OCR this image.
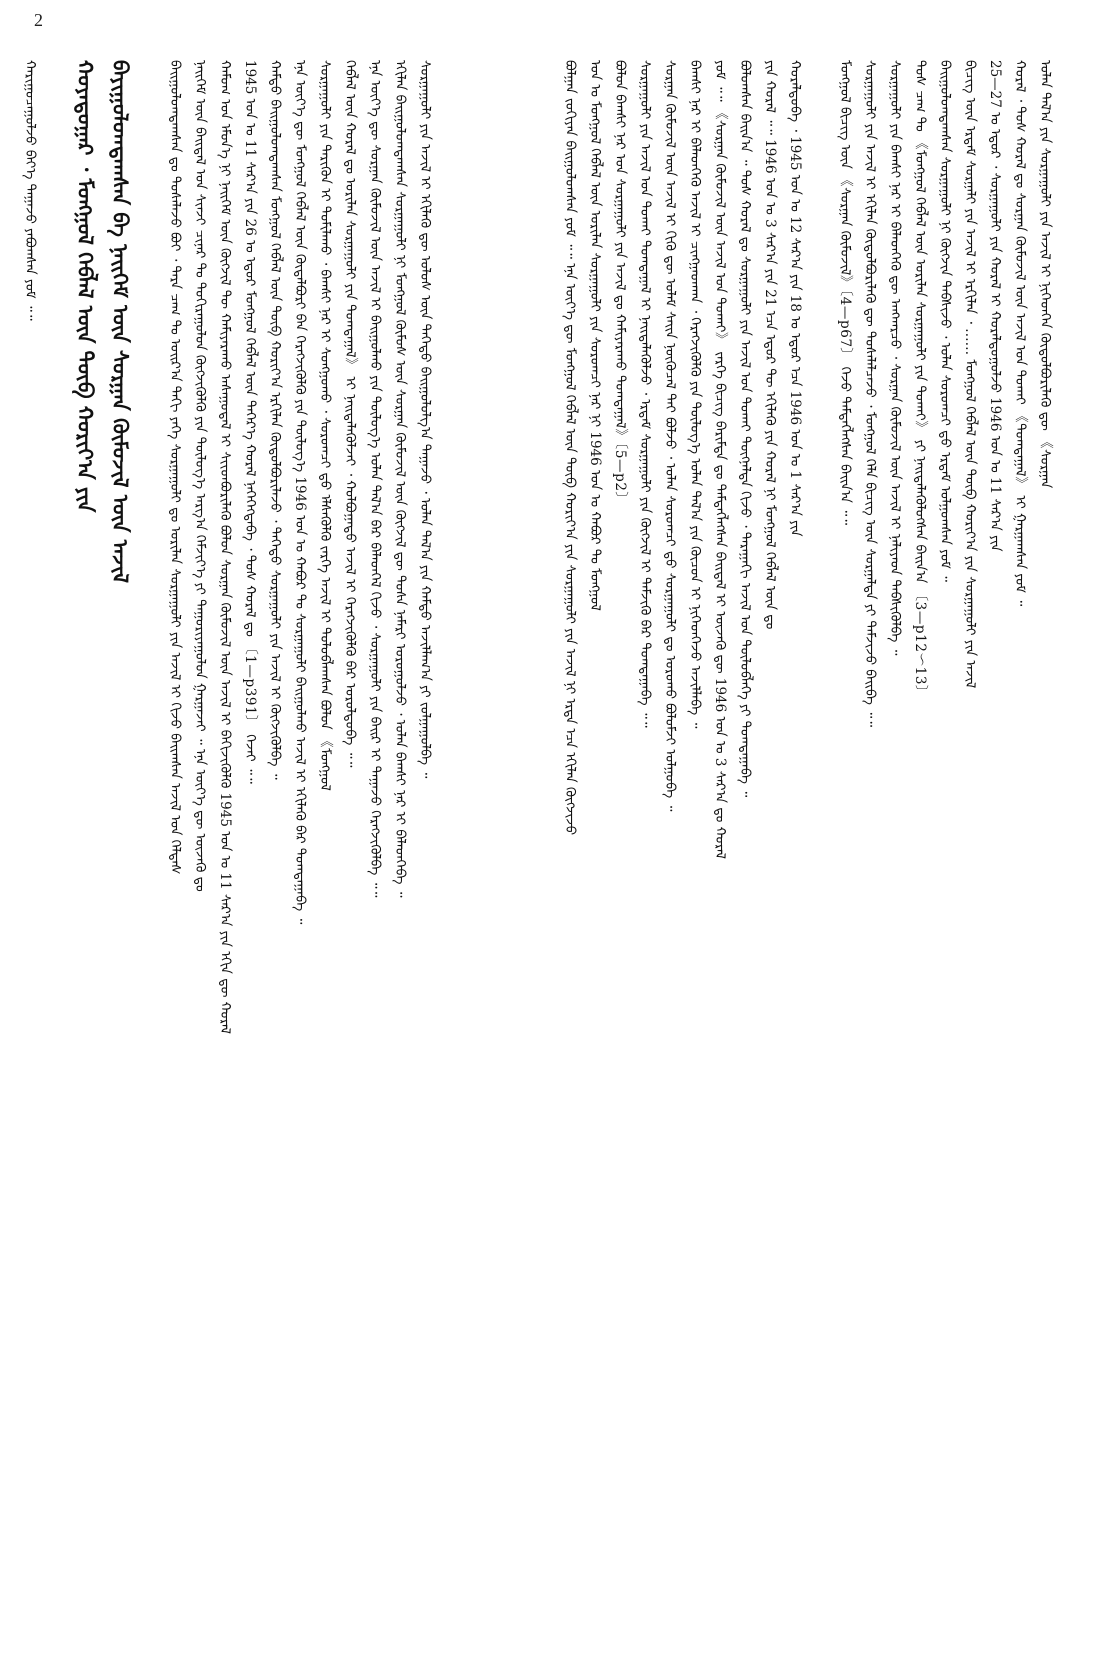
2
ᠬᠠᠷᠢᠭᠤᠴᠠᠭᠤᠯᠵᠤ ᠪᠡᠶ᠎ᠡ ᠳᠠᠭᠠᠵᠤ ᠶᠠᠪᠤᠭᠰᠠᠨ ᠶᠤᠮ ᠃᠃ ᠬᠣᠶᠠᠳᠤᠭᠠᠷ ᠂ ᠮᠣᠩᠭᠣᠯ ᠬᠡᠪᠯᠡᠯ ᠦᠨ ᠲᠥᠪ ᠬᠣᠷᠢᠶ᠎ᠠ ᠶᠢᠨ ᠪᠠᠶᠢᠭᠤᠯᠤᠭᠳᠠᠭᠰᠠᠨ ᠪᠠ ᠨᠡᠢᠭᠡᠮ ᠦᠨ ᠰᠤᠷᠭᠠᠨ ᠬᠦᠮᠦᠵᠢᠯ ᠦᠨ ᠠᠵᠢᠯ	ᠪᠠᠢᠭᠤᠯᠤᠭᠳᠠᠭᠰᠠᠨ ᠳᠤ ᠲᠤᠰᠠᠯᠠᠵᠤ ᠪᠤᠢ ᠂ ᠲᠡᠷᠡ ᠴᠠᠭ ᠲᠤ ᠣᠢᠷ᠎ᠠ ᠳᠠᠬᠢ ᠶᠡᠬᠡ ᠰᠤᠷᠭᠠᠭᠤᠯᠢ ᠳᠤ ᠤᠷᠢᠯᠠᠨ ᠰᠤᠷᠭᠠᠭᠤᠯᠢ ᠶᠢᠨ ᠠᠵᠢᠯ ᠢ ᠬᠢᠵᠦ ᠪᠠᠢᠭᠰᠠᠨ ᠠᠵᠢᠯ ᠤᠨ ᠬᠡᠯᠲᠡᠰ ᠨᠡᠢᠭᠡᠮ ᠦᠨ ᠪᠠᠢᠳᠠᠯ ᠤᠨ ᠰᠢᠨᠵᠢ ᠴᠢᠨᠠᠷ ᠲᠤ ᠲᠤᠬᠢᠷᠠᠭᠤᠯᠤᠨ ᠬᠥᠭᠵᠢᠭᠦᠯᠬᠦ ᠶᠢᠨ ᠲᠥᠯᠦᠭ᠎ᠡ ᠠᠷᠭ᠎ᠠ ᠬᠡᠮᠵᠢᠶ᠎ᠡ ᠶᠢ ᠲᠠᠭᠤᠷᠢᠶᠠᠭᠤᠯᠤᠨ ᠭᠠᠷᠭᠠᠵᠠᠢ ᠃ ᠡᠨᠡ ᠦᠶ᠎ᠡ ᠳᠦ ᠦᠵᠡᠬᠦ ᠳᠤ ᠬᠠᠮᠤᠭ ᠤᠨ ᠡᠮᠦᠨ᠎ᠡ ᠨᠢ ᠨᠡᠢᠭᠡᠮ ᠦᠨ ᠬᠥᠭᠵᠢᠯ ᠲᠦ ᠬᠠᠮᠢᠶᠠᠷᠠᠬᠤ ᠠᠰᠠᠭᠤᠳᠠᠯ ᠢ ᠰᠢᠢᠳᠪᠦᠷᠢᠯᠡᠬᠦ ᠪᠣᠯᠤᠨ ᠰᠤᠷᠭᠠᠨ ᠬᠦᠮᠦᠵᠢᠯ ᠦᠨ ᠠᠵᠢᠯ ᠢ ᠪᠡᠬᠢᠵᠢᠭᠦᠯᠬᠦ 1945 ᠣᠨ ᠤ 11 ᠰᠠᠷ᠎ᠠ ᠶᠢᠨ ᠡᠬᠢᠨ ᠳᠦ ᠬᠤᠷᠠᠯ 1945 ᠣᠨ ᠤ 11 ᠰᠠᠷ᠎ᠠ ᠶᠢᠨ 26 ᠤ ᠡᠳᠦᠷ ᠮᠣᠩᠭᠣᠯ ᠬᠡᠪᠯᠡᠯ ᠦᠨ ᠳᠡᠭᠡᠷ᠎ᠡ ᠬᠤᠷᠠᠯ ᠨᠡᠭᠡᠭᠡᠭᠳᠡᠪᠡ ᠂ ᠲᠤᠰ ᠬᠤᠷᠠᠯ ᠳᠤ 〔1—p391〕 ᠭᠡᠵᠡᠢ ᠃᠃ ᠬᠠᠮᠲᠤ ᠪᠠᠢᠭᠤᠯᠤᠭᠳᠠᠭᠰᠠᠨ ᠮᠣᠩᠭᠣᠯ ᠬᠡᠪᠯᠡᠯ ᠦᠨ ᠲᠥᠪ ᠬᠣᠷᠢᠶ᠎ᠠ ᠡᠷᠬᠢᠯᠡᠨ ᠬᠥᠲᠦᠯᠪᠦᠷᠢᠯᠡᠵᠦ ᠂ ᠳᠡᠭᠡᠳᠦ ᠰᠤᠷᠭᠠᠭᠤᠯᠢ ᠶᠢᠨ ᠠᠵᠢᠯ ᠢ ᠬᠥᠭᠵᠢᠭᠦᠯᠪᠡ ᠃ ᠡᠨᠡ ᠦᠶ᠎ᠡ ᠳᠦ ᠮᠣᠩᠭᠣᠯ ᠬᠡᠪᠯᠡᠯ ᠦᠨ ᠬᠥᠲᠡᠯᠪᠦᠷᠢ ᠪᠠᠨ ᠬᠡᠷᠡᠭᠵᠢᠭᠦᠯᠬᠦ ᠶᠢᠨ ᠲᠥᠯᠦᠭ᠎ᠡ 1946 ᠣᠨ ᠤ ᠬᠠᠪᠤᠷ ᠲᠤ ᠰᠤᠷᠭᠠᠭᠤᠯᠢ ᠪᠠᠢᠭᠤᠯᠬᠤ ᠠᠵᠢᠯ ᠢ ᠡᠬᠢᠯᠡᠬᠦ ᠪᠡᠷ ᠲᠣᠭᠲᠠᠭᠠᠪᠠ ᠃ ᠰᠤᠷᠭᠠᠭᠤᠯᠢ ᠶᠢᠨ ᠲᠡᠷᠢᠭᠦᠨ ᠢ ᠲᠣᠮᠢᠯᠠᠬᠤ ᠂ ᠪᠠᠭᠰᠢ ᠨᠠᠷ ᠢ ᠰᠣᠩᠭᠤᠬᠤ ᠂ ᠰᠤᠷᠤᠭᠴᠢ ᠳ᠋ᠤ ᠡᠯᠰᠡᠭᠦᠯᠬᠦ ᠵᠡᠷᠭᠡ ᠠᠵᠢᠯ ᠢ ᠲᠣᠯᠣᠪᠯᠠᠭᠰᠠᠨ ᠪᠣᠯᠤᠨ 《ᠮᠣᠩᠭᠣᠯ ᠬᠡᠪᠯᠡᠯ ᠦᠨ ᠬᠤᠷᠠᠯ ᠳᠤ ᠤᠷᠢᠯᠠᠨ ᠰᠤᠷᠭᠠᠭᠤᠯᠢ ᠶᠢᠨ ᠲᠣᠭᠲᠠᠭᠠᠯ》 ᠢ ᠨᠡᠢᠲᠡᠯᠡᠭᠦᠯᠵᠡᠢ ᠂ ᠬᠣᠯᠪᠤᠭᠠᠲᠤ ᠠᠵᠢᠯ ᠢ ᠬᠡᠷᠡᠭᠵᠢᠭᠦᠯᠬᠦ ᠪᠡᠷ ᠣᠷᠤᠯᠳᠤᠪᠠ ᠃᠃ ᠡᠨᠡ ᠦᠶ᠎ᠡ ᠳᠦ ᠰᠤᠷᠭᠠᠨ ᠬᠦᠮᠦᠵᠢᠯ ᠦᠨ ᠠᠵᠢᠯ ᠢ ᠪᠠᠢᠭᠤᠯᠬᠤ ᠶᠢᠨ ᠲᠥᠯᠦᠭ᠎ᠡ ᠣᠯᠠᠨ ᠲᠠᠯ᠎ᠠ ᠪᠠᠷ ᠪᠡᠯᠡᠳᠬᠡᠯ ᠬᠢᠵᠦ ᠂ ᠰᠤᠷᠭᠠᠭᠤᠯᠢ ᠶᠢᠨ ᠪᠠᠢᠷ ᠢ ᠳᠠᠭᠠᠵᠤ ᠬᠡᠷᠡᠭᠵᠢᠭᠦᠯᠪᠡ ᠃᠃ ᠡᠬᠢᠯᠡᠨ ᠪᠠᠢᠭᠤᠯᠤᠭᠳᠠᠭᠰᠠᠨ ᠰᠤᠷᠭᠠᠭᠤᠯᠢ ᠨᠢ ᠮᠣᠩᠭᠣᠯ ᠬᠦᠮᠦᠰ ᠦᠨ ᠰᠤᠷᠭᠠᠨ ᠬᠦᠮᠦᠵᠢᠯ ᠦᠨ ᠬᠥᠭᠵᠢᠯ ᠳᠦ ᠲᠤᠰᠠ ᠨᠡᠮᠡᠷᠢ ᠣᠷᠣᠭᠤᠯᠵᠤ ᠂ ᠣᠯᠠᠨ ᠪᠠᠭᠰᠢ ᠨᠠᠷ ᠢ ᠪᠡᠯᠡᠳᠬᠡᠪᠡ ᠃ ᠰᠤᠷᠭᠠᠭᠤᠯᠢ ᠶᠢᠨ ᠠᠵᠢᠯ ᠢ ᠡᠬᠢᠯᠡᠬᠦ ᠳᠦ ᠤᠯᠤᠰ ᠦᠨ ᠳᠡᠭᠡᠳᠦ ᠪᠠᠢᠭᠤᠯᠤᠯᠭ᠎ᠠ ᠳᠠᠭᠠᠵᠤ ᠂ ᠣᠯᠠᠨ ᠲᠠᠯ᠎ᠠ ᠶᠢᠨ ᠬᠠᠮᠲᠤ ᠠᠵᠢᠯᠯᠠᠭ᠎ᠠ ᠶᠢ ᠵᠤᠯᠭᠠᠭᠤᠯᠪᠠ ᠃	ᠪᠣᠯᠭᠠᠨ ᠵᠣᠬᠢᠶᠠᠨ ᠪᠠᠢᠭᠤᠯᠤᠭᠰᠠᠨ ᠶᠤᠮ ᠃᠃ ᠡᠨᠡ ᠦᠶ᠎ᠡ ᠳᠦ ᠮᠣᠩᠭᠣᠯ ᠬᠡᠪᠯᠡᠯ ᠦᠨ ᠲᠥᠪ ᠬᠣᠷᠢᠶ᠎ᠠ ᠶᠢᠨ ᠰᠤᠷᠭᠠᠭᠤᠯᠢ ᠶᠢᠨ ᠠᠵᠢᠯ ᠨᠢ ᠡᠷᠲᠡ ᠡᠴᠡ ᠡᠬᠢᠯᠡᠨ ᠬᠥᠭᠵᠢᠵᠦ ᠣᠨ ᠤ ᠮᠣᠩᠭᠣᠯ ᠬᠡᠪᠯᠡᠯ ᠦᠨ ᠤᠷᠢᠯᠠᠨ ᠰᠤᠷᠭᠠᠭᠤᠯᠢ ᠶᠢᠨ ᠰᠤᠷᠤᠭᠴᠢ ᠨᠠᠷ ᠨᠢ 1946 ᠣᠨ ᠤ ᠬᠠᠪᠤᠷ ᠲᠤ ᠮᠣᠩᠭᠣᠯ ᠪᠣᠯᠤᠨ ᠪᠠᠭᠰᠢ ᠨᠠᠷ ᠤᠨ ᠰᠤᠷᠭᠠᠭᠤᠯᠢ ᠶᠢᠨ ᠠᠵᠢᠯ ᠳᠤ ᠬᠠᠮᠢᠶᠠᠷᠠᠬᠤ ᠲᠣᠭᠲᠠᠭᠠᠯ》〔5—p2〕 ᠰᠤᠷᠭᠠᠭᠤᠯᠢ ᠶᠢᠨ ᠠᠵᠢᠯ ᠤᠨ ᠲᠤᠬᠠᠢ ᠲᠣᠭᠲᠠᠭᠠᠯ ᠢ ᠨᠡᠢᠲᠡᠯᠡᠭᠦᠯᠵᠦ ᠂ ᠡᠷᠳᠡᠮ ᠰᠤᠷᠭᠠᠭᠤᠯᠢ ᠶᠢᠨ ᠬᠥᠭᠵᠢᠯ ᠢ ᠳᠡᠮᠵᠢᠬᠦ ᠪᠡᠷ ᠲᠣᠭᠲᠠᠭᠠᠪᠠ ᠃᠃ ᠰᠤᠷᠭᠠᠨ ᠬᠦᠮᠦᠵᠢᠯ ᠦᠨ ᠠᠵᠢᠯ ᠢ ᠬᠢᠬᠦ ᠳᠦ ᠤᠯᠠᠮ ᠰᠠᠢᠨ ᠨᠥᠬᠦᠴᠡᠯ ᠲᠠᠢ ᠪᠣᠯᠵᠤ ᠂ ᠣᠯᠠᠨ ᠰᠤᠷᠤᠭᠴᠢ ᠳ᠋ᠤ ᠰᠤᠷᠭᠠᠭᠤᠯᠢ ᠳᠤ ᠣᠷᠣᠬᠤ ᠪᠣᠯᠣᠮᠵᠢ ᠣᠯᠭᠤᠪᠠ ᠃ ᠪᠠᠭᠰᠢ ᠨᠠᠷ ᠢ ᠪᠡᠯᠡᠳᠬᠡᠬᠦ ᠠᠵᠢᠯ ᠢ ᠴᠢᠩᠭᠠᠳᠬᠠᠨ ᠂ ᠬᠡᠷᠡᠭᠵᠢᠭᠦᠯᠬᠦ ᠶᠢᠨ ᠲᠥᠯᠦᠭ᠎ᠡ ᠣᠯᠠᠨ ᠲᠠᠯ᠎ᠠ ᠶᠢᠨ ᠬᠦᠴᠦᠨ ᠢ ᠨᠢᠭᠡᠳᠬᠡᠵᠦ ᠠᠵᠢᠯᠯᠠᠪᠠ ᠃ ᠶᠤᠮ ᠃᠃ 《ᠰᠤᠷᠭᠠᠨ ᠬᠦᠮᠦᠵᠢᠯ ᠦᠨ ᠠᠵᠢᠯ ᠤᠨ ᠲᠤᠬᠠᠢ》 ᠵᠡᠷᠭᠡ ᠪᠢᠴᠢᠭ ᠪᠠᠷᠢᠮᠲᠠ ᠳᠤ ᠲᠡᠮᠳᠡᠭᠯᠡᠭᠰᠡᠨ ᠪᠠᠢᠳᠠᠯ ᠢ ᠦᠵᠡᠬᠦ ᠳᠦ 1946 ᠣᠨ ᠤ 3 ᠰᠠᠷ᠎ᠠ ᠳᠤ ᠬᠤᠷᠠᠯ ᠪᠣᠯᠤᠭᠰᠠᠨ ᠪᠠᠢᠨ᠎ᠠ ᠃ ᠲᠤᠰ ᠬᠤᠷᠠᠯ ᠳᠤ ᠰᠤᠷᠭᠠᠭᠤᠯᠢ ᠶᠢᠨ ᠠᠵᠢᠯ ᠤᠨ ᠲᠤᠬᠠᠢ ᠳᠦᠭᠨᠡᠯᠲᠡ ᠬᠢᠵᠦ ᠂ ᠳᠠᠷᠠᠭᠠᠬᠢ ᠠᠵᠢᠯ ᠤᠨ ᠲᠥᠯᠥᠪᠯᠡᠭᠡ ᠶᠢ ᠲᠣᠭᠲᠠᠭᠠᠪᠠ ᠃ ᠶᠢᠨ ᠬᠤᠷᠠᠯ ᠃᠃ 1946 ᠣᠨ ᠤ 3 ᠰᠠᠷ᠎ᠠ ᠶᠢᠨ 21 ᠡᠴᠡ ᠡᠳᠦᠷ ᠲᠦ ᠡᠬᠢᠯᠡᠬᠦ ᠶᠢᠨ ᠬᠤᠷᠠᠯ ᠨᠢ ᠮᠣᠩᠭᠣᠯ ᠬᠡᠪᠯᠡᠯ ᠦᠨ ᠳᠤ ᠬᠤᠷᠠᠯᠳᠤᠪᠠ ᠂ 1945 ᠣᠨ ᠤ 12 ᠰᠠᠷ᠎ᠠ ᠶᠢᠨ 18 ᠤ ᠡᠳᠦᠷ ᠡᠴᠡ 1946 ᠣᠨ ᠤ 1 ᠰᠠᠷ᠎ᠠ ᠶᠢᠨ	ᠮᠣᠩᠭᠣᠯ ᠪᠢᠴᠢᠭ ᠦᠨ 《ᠰᠤᠷᠭᠠᠨ ᠬᠦᠮᠦᠵᠢᠯ》〔4—p67〕 ᠭᠡᠵᠦ ᠲᠡᠮᠳᠡᠭᠯᠡᠭᠰᠡᠨ ᠪᠠᠢᠨ᠎ᠠ ᠃᠃ ᠰᠤᠷᠭᠠᠭᠤᠯᠢ ᠶᠢᠨ ᠠᠵᠢᠯ ᠢ ᠡᠬᠢᠯᠡᠨ ᠬᠥᠲᠦᠯᠪᠦᠷᠢᠯᠡᠬᠦ ᠳᠦ ᠲᠤᠰᠠᠯᠠᠯᠴᠠᠵᠤ ᠂ ᠮᠣᠩᠭᠣᠯ ᠬᠡᠯᠡ ᠪᠢᠴᠢᠭ ᠦᠨ ᠰᠤᠷᠭᠠᠯᠲᠠ ᠶᠢ ᠳᠡᠮᠵᠢᠵᠦ ᠪᠠᠢᠪᠠ ᠃᠃ ᠰᠤᠷᠭᠠᠭᠤᠯᠢ ᠶᠢᠨ ᠪᠠᠭᠰᠢ ᠨᠠᠷ ᠢ ᠪᠡᠯᠡᠳᠬᠡᠬᠦ ᠳᠦ ᠠᠩᠬᠠᠷᠴᠤ ᠂ ᠰᠤᠷᠭᠠᠨ ᠬᠦᠮᠦᠵᠢᠯ ᠦᠨ ᠠᠵᠢᠯ ᠢ ᠨᠡᠯᠢᠶᠡᠳ ᠳᠡᠪᠰᠢᠭᠦᠯᠪᠡ ᠃ ᠲᠤᠰ ᠴᠠᠭ ᠲᠤ 《ᠮᠣᠩᠭᠣᠯ ᠬᠡᠪᠯᠡᠯ ᠦᠨ ᠤᠷᠢᠯᠠᠨ ᠰᠤᠷᠭᠠᠭᠤᠯᠢ ᠶᠢᠨ ᠲᠤᠬᠠᠢ》 ᠶᠢ ᠨᠡᠢᠲᠡᠯᠡᠭᠦᠯᠦᠭᠰᠡᠨ ᠪᠠᠢᠨ᠎ᠠ 〔3—p12～13〕 ᠪᠠᠢᠭᠤᠯᠤᠭᠳᠠᠭᠰᠠᠨ ᠰᠤᠷᠭᠠᠭᠤᠯᠢ ᠨᠢ ᠬᠥᠭᠵᠢᠨ ᠳᠡᠪᠰᠢᠵᠦ ᠂ ᠣᠯᠠᠨ ᠰᠤᠷᠤᠭᠴᠢ ᠳ᠋ᠤ ᠡᠷᠳᠡᠮ ᠣᠯᠭᠤᠭᠰᠠᠨ ᠶᠤᠮ ᠃ ᠪᠢᠴᠢᠭ ᠦᠨ ᠡᠷᠳᠡᠮ ᠰᠤᠷᠭᠠᠯᠢ ᠶᠢᠨ ᠠᠵᠢᠯ ᠢ ᠡᠷᠬᠢᠯᠡᠨ ᠂ …… ᠮᠣᠩᠭᠣᠯ ᠬᠡᠪᠯᠡᠯ ᠦᠨ ᠲᠥᠪ ᠬᠣᠷᠢᠶ᠎ᠠ ᠶᠢᠨ ᠰᠤᠷᠭᠠᠭᠤᠯᠢ ᠶᠢᠨ ᠠᠵᠢᠯ 25—27 ᠤ ᠡᠳᠦᠷ ᠂ ᠰᠤᠷᠭᠠᠭᠤᠯᠢ ᠶᠢᠨ ᠬᠤᠷᠠᠯ ᠢ ᠬᠤᠷᠠᠯᠳᠤᠭᠤᠯᠵᠤ 1946 ᠣᠨ ᠤ 11 ᠰᠠᠷ᠎ᠠ ᠶᠢᠨ ᠬᠤᠷᠠᠯ ᠂ ᠲᠤᠰ ᠬᠤᠷᠠᠯ ᠳᠤ ᠰᠤᠷᠭᠠᠨ ᠬᠦᠮᠦᠵᠢᠯ ᠦᠨ ᠠᠵᠢᠯ ᠤᠨ ᠲᠤᠬᠠᠢ 《ᠲᠣᠭᠲᠠᠭᠠᠯ》 ᠢ ᠭᠠᠷᠭᠠᠭᠰᠠᠨ ᠶᠤᠮ ᠃ ᠣᠯᠠᠨ ᠲᠠᠯ᠎ᠠ ᠶᠢᠨ ᠰᠤᠷᠭᠠᠭᠤᠯᠢ ᠶᠢᠨ ᠠᠵᠢᠯ ᠢ ᠨᠢᠭᠡᠳᠬᠡᠨ ᠬᠥᠲᠦᠯᠪᠦᠷᠢᠯᠡᠬᠦ ᠳᠦ 《ᠰᠤᠷᠭᠠᠨ
